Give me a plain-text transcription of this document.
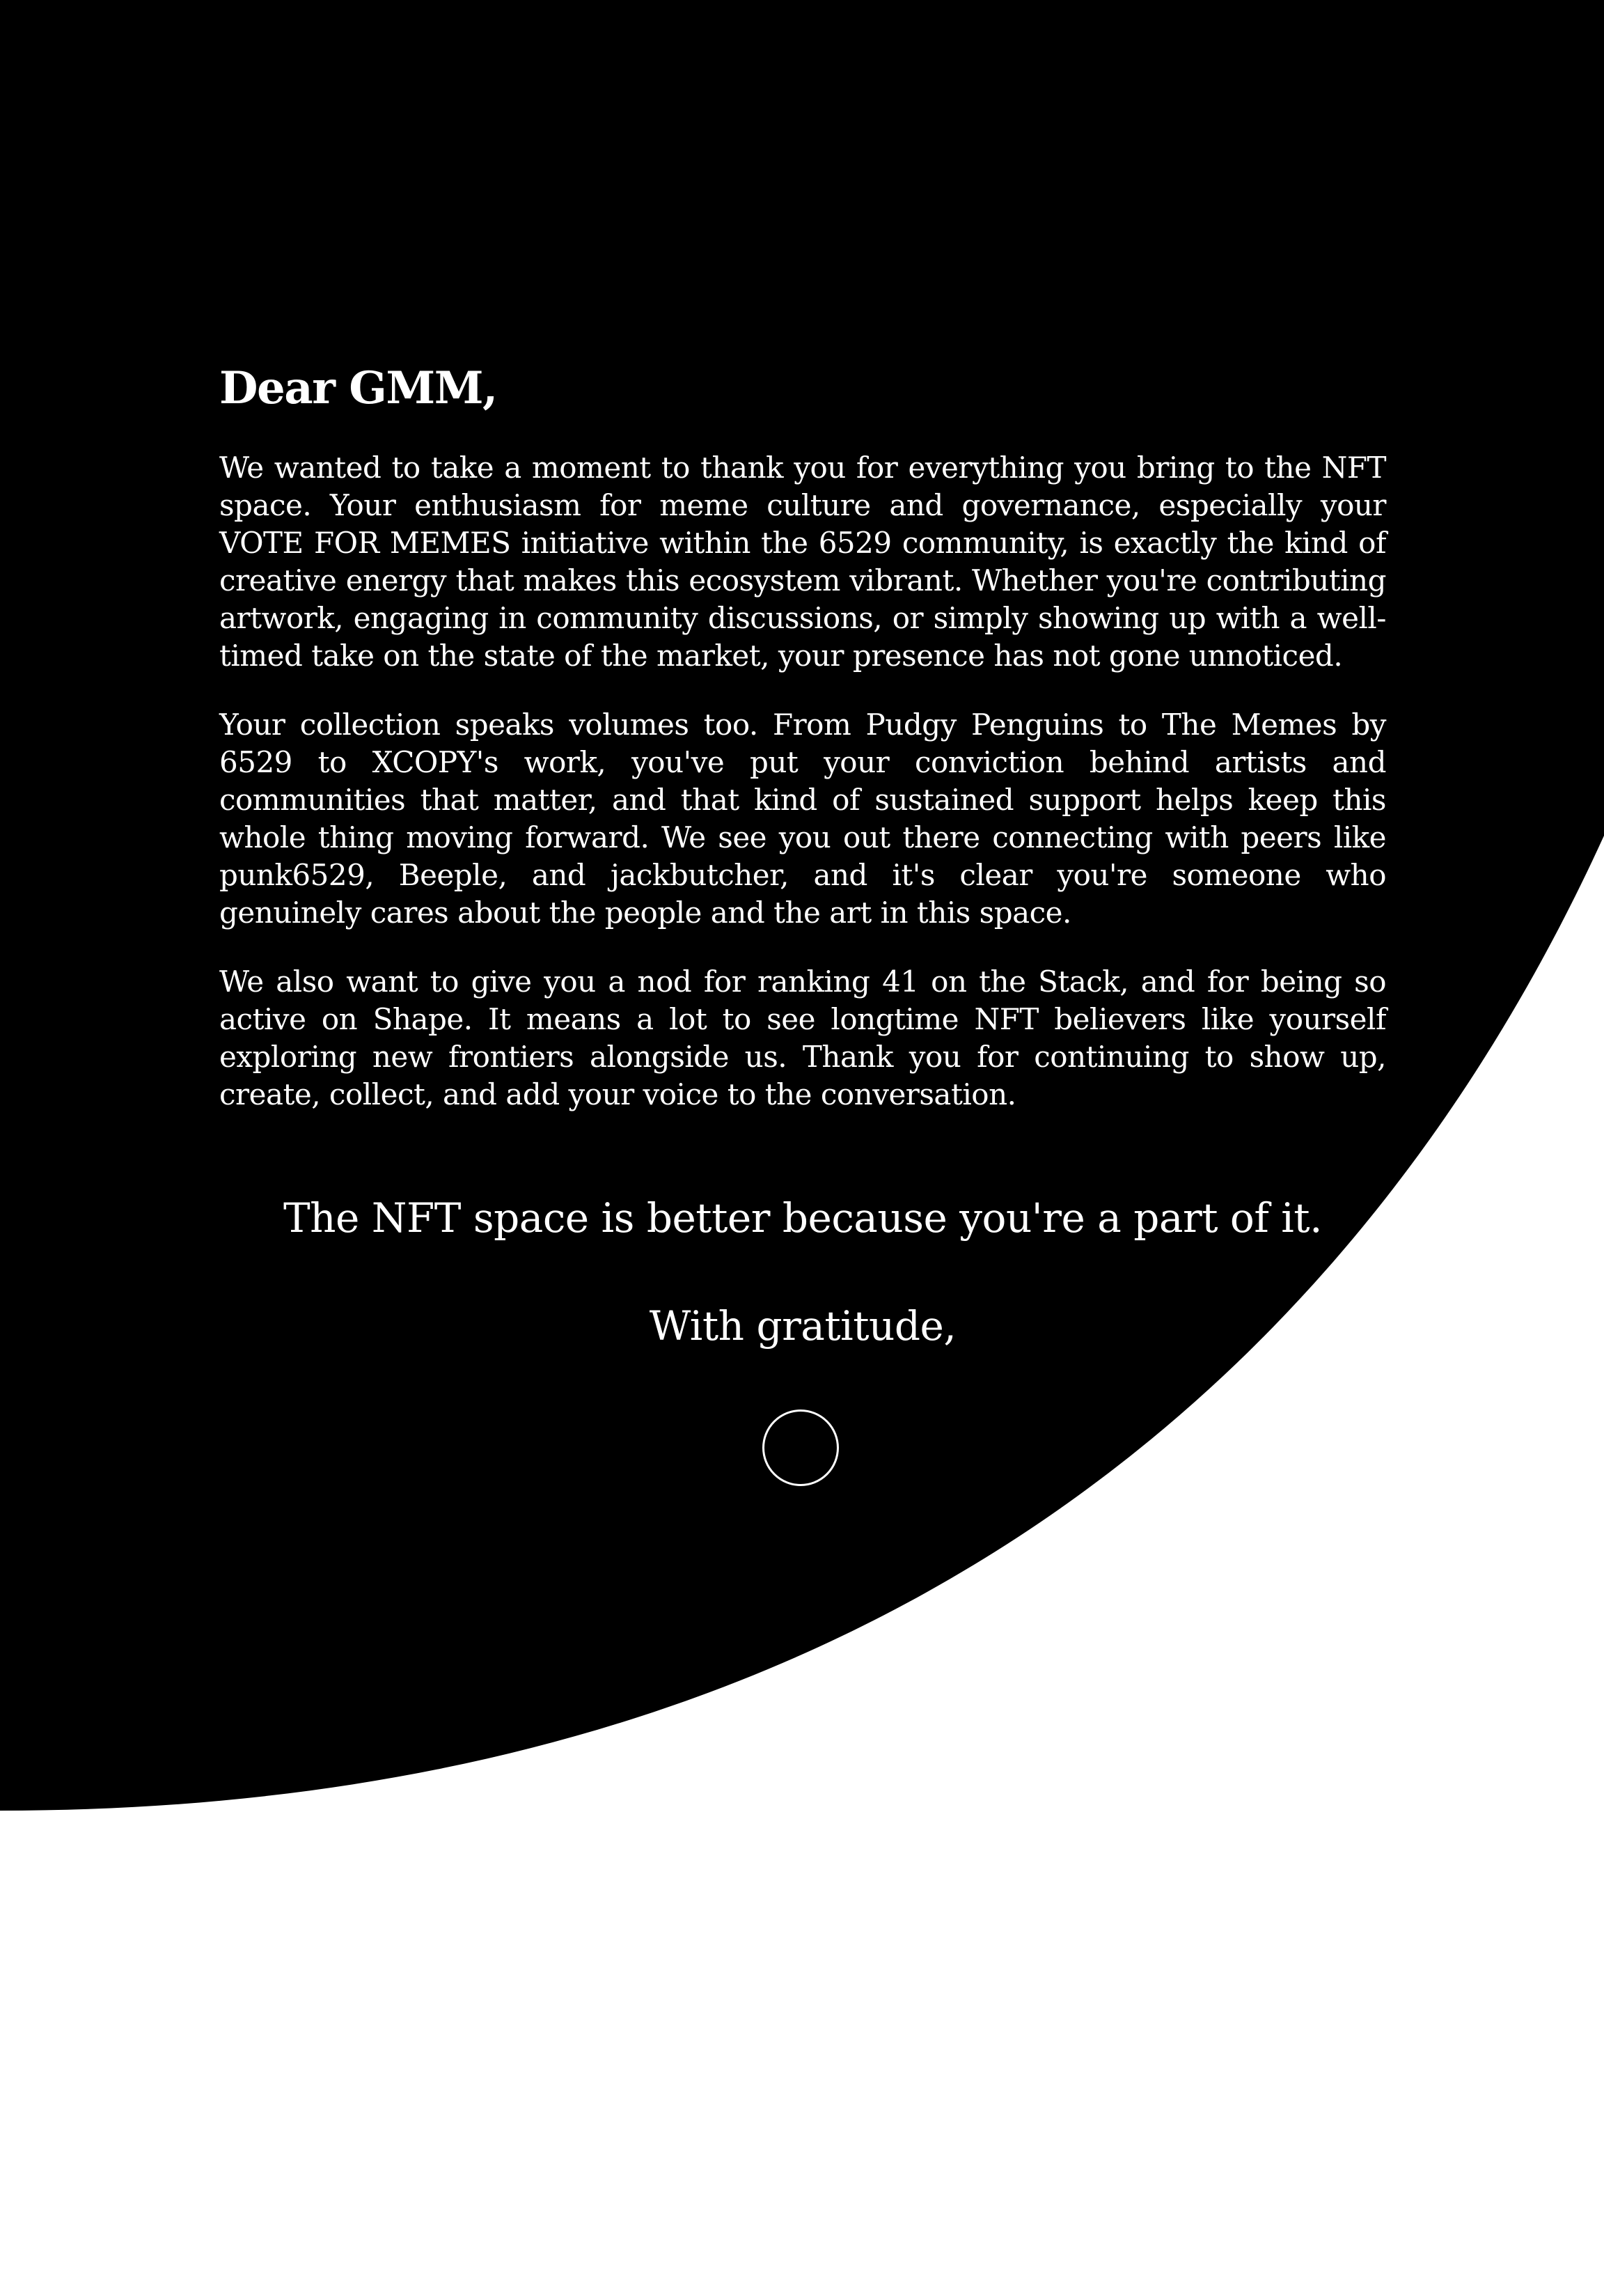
Dear GMM,

We wanted to take a moment to thank you for everything you bring to the NFT space. Your enthusiasm for meme culture and governance, especially your VOTE FOR MEMES initiative within the 6529 community, is exactly the kind of creative energy that makes this ecosystem vibrant. Whether you're contributing artwork, engaging in community discussions, or simply showing up with a well-timed take on the state of the market, your presence has not gone unnoticed.

Your collection speaks volumes too. From Pudgy Penguins to The Memes by 6529 to XCOPY's work, you've put your conviction behind artists and communities that matter, and that kind of sustained support helps keep this whole thing moving forward. We see you out there connecting with peers like punk6529, Beeple, and jackbutcher, and it's clear you're someone who genuinely cares about the people and the art in this space.

We also want to give you a nod for ranking 41 on the Stack, and for being so active on Shape. It means a lot to see longtime NFT believers like yourself exploring new frontiers alongside us. Thank you for continuing to show up, create, collect, and add your voice to the conversation.

The NFT space is better because you're a part of it.

With gratitude,
